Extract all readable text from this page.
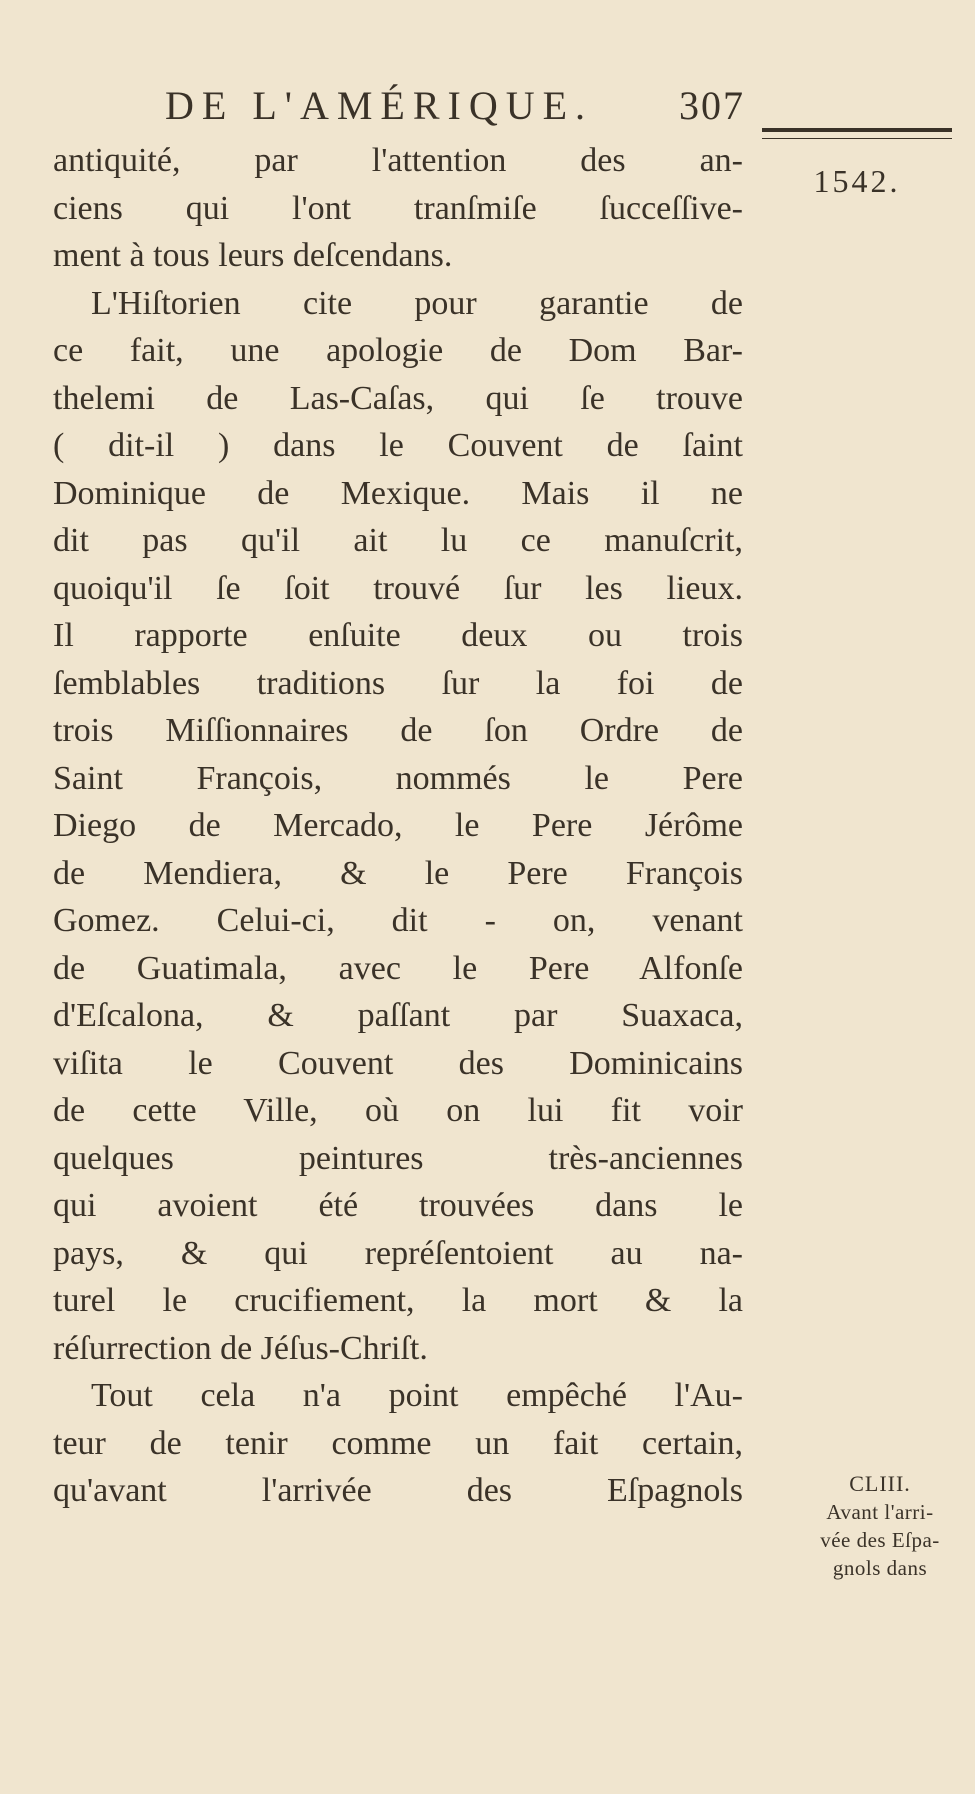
DE L'AMÉRIQUE. 307
1542.
antiquité, par l'attention des an-
ciens qui l'ont tranſmiſe ſucceſſive-
ment à tous leurs deſcendans.
L'Hiſtorien cite pour garantie de
ce fait, une apologie de Dom Bar-
thelemi de Las-Caſas, qui ſe trouve
( dit-il ) dans le Couvent de ſaint
Dominique de Mexique. Mais il ne
dit pas qu'il ait lu ce manuſcrit,
quoiqu'il ſe ſoit trouvé ſur les lieux.
Il rapporte enſuite deux ou trois
ſemblables traditions ſur la foi de
trois Miſſionnaires de ſon Ordre de
Saint François, nommés le Pere
Diego de Mercado, le Pere Jérôme
de Mendiera, & le Pere François
Gomez. Celui-ci, dit - on, venant
de Guatimala, avec le Pere Alfonſe
d'Eſcalona, & paſſant par Suaxaca,
viſita le Couvent des Dominicains
de cette Ville, où on lui fit voir
quelques peintures très-anciennes
qui avoient été trouvées dans le
pays, & qui repréſentoient au na-
turel le crucifiement, la mort & la
réſurrection de Jéſus-Chriſt.
Tout cela n'a point empêché l'Au-
teur de tenir comme un fait certain,
qu'avant l'arrivée des Eſpagnols	CLIII.
Avant l'arri-
vée des Eſpa-
gnols dans
